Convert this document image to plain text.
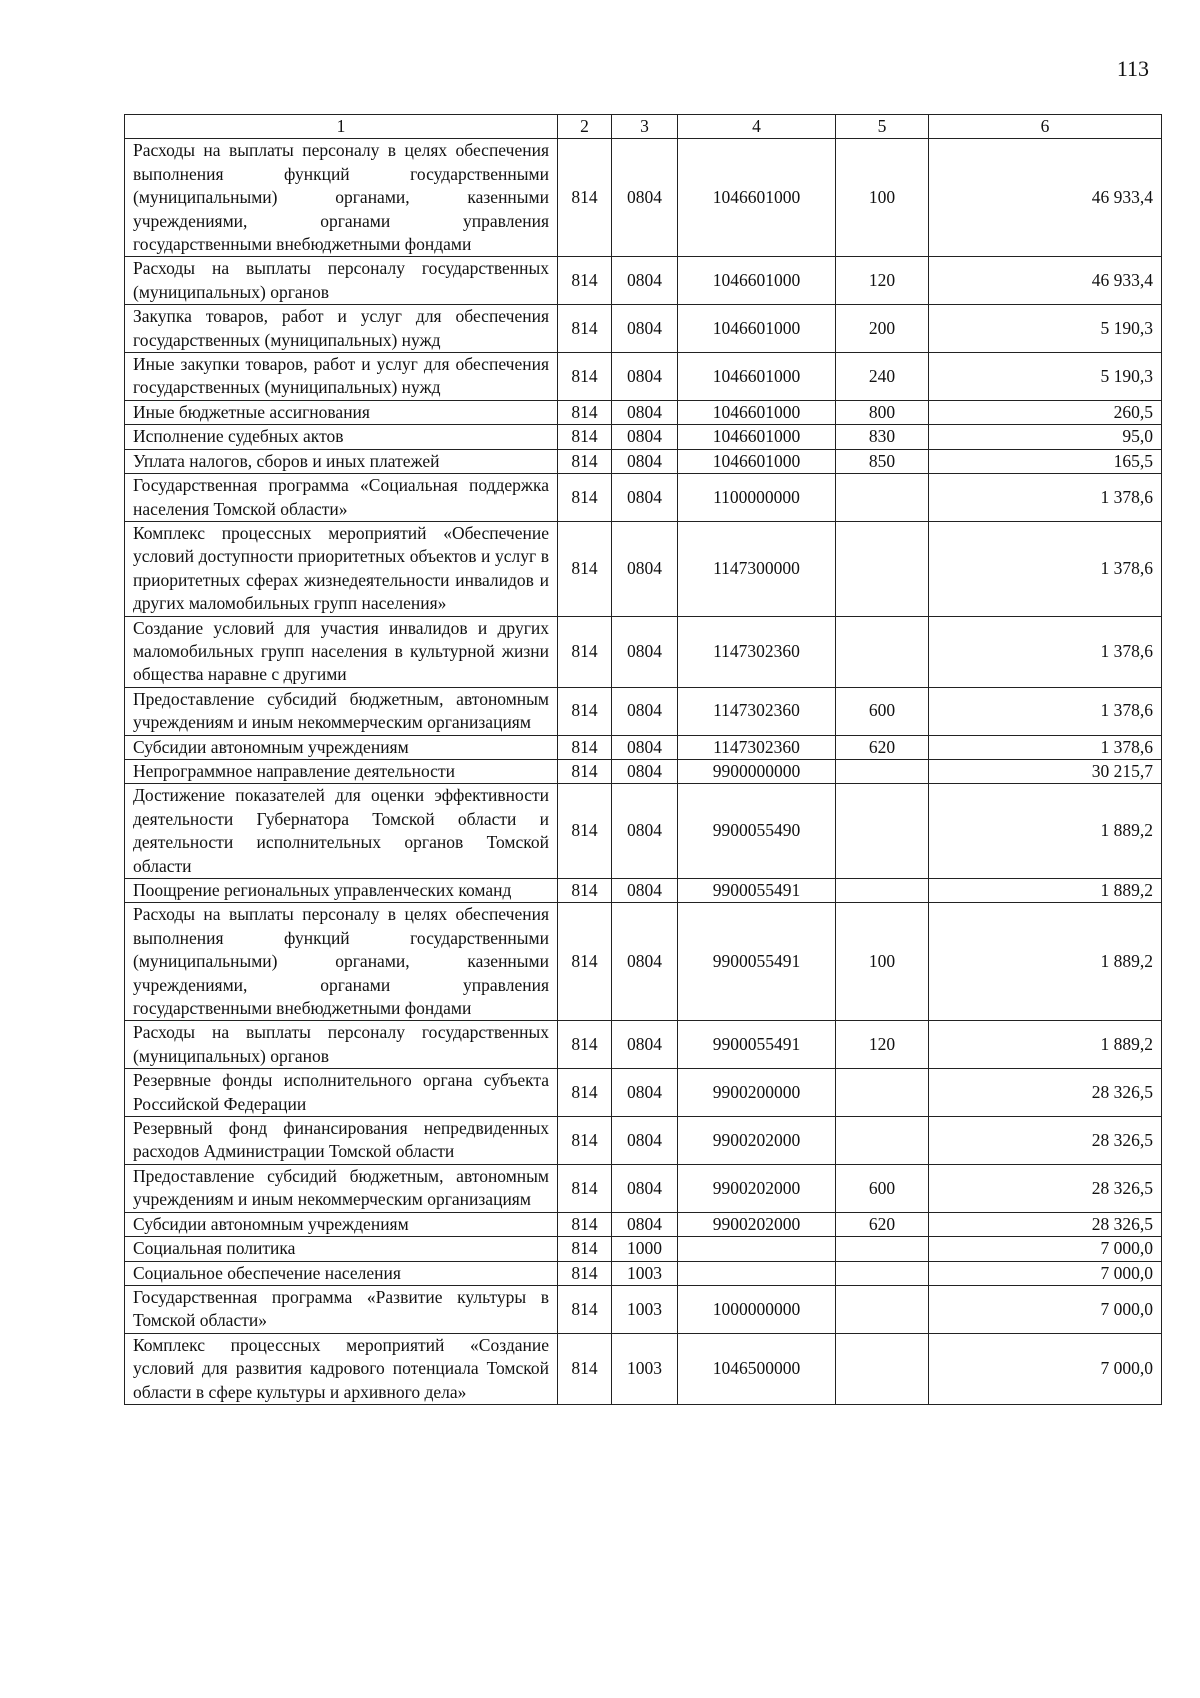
113
1	2	3	4	5	6
Расходы на выплаты персоналу в целях обеспечения выполнения функций государственными (муниципальными) органами, казенными учреждениями, органами управления государственными внебюджетными фондами	814	0804	1046601000	100	46 933,4
Расходы на выплаты персоналу государственных (муниципальных) органов	814	0804	1046601000	120	46 933,4
Закупка товаров, работ и услуг для обеспечения государственных (муниципальных) нужд	814	0804	1046601000	200	5 190,3
Иные закупки товаров, работ и услуг для обеспечения государственных (муниципальных) нужд	814	0804	1046601000	240	5 190,3
Иные бюджетные ассигнования	814	0804	1046601000	800	260,5
Исполнение судебных актов	814	0804	1046601000	830	95,0
Уплата налогов, сборов и иных платежей	814	0804	1046601000	850	165,5
Государственная программа «Социальная поддержка населения Томской области»	814	0804	1100000000		1 378,6
Комплекс процессных мероприятий «Обеспечение условий доступности приоритетных объектов и услуг в приоритетных сферах жизнедеятельности инвалидов и других маломобильных групп населения»	814	0804	1147300000		1 378,6
Создание условий для участия инвалидов и других маломобильных групп населения в культурной жизни общества наравне с другими	814	0804	1147302360		1 378,6
Предоставление субсидий бюджетным, автономным учреждениям и иным некоммерческим организациям	814	0804	1147302360	600	1 378,6
Субсидии автономным учреждениям	814	0804	1147302360	620	1 378,6
Непрограммное направление деятельности	814	0804	9900000000		30 215,7
Достижение показателей для оценки эффективности деятельности Губернатора Томской области и деятельности исполнительных органов Томской области	814	0804	9900055490		1 889,2
Поощрение региональных управленческих команд	814	0804	9900055491		1 889,2
Расходы на выплаты персоналу в целях обеспечения выполнения функций государственными (муниципальными) органами, казенными учреждениями, органами управления государственными внебюджетными фондами	814	0804	9900055491	100	1 889,2
Расходы на выплаты персоналу государственных (муниципальных) органов	814	0804	9900055491	120	1 889,2
Резервные фонды исполнительного органа субъекта Российской Федерации	814	0804	9900200000		28 326,5
Резервный фонд финансирования непредвиденных расходов Администрации Томской области	814	0804	9900202000		28 326,5
Предоставление субсидий бюджетным, автономным учреждениям и иным некоммерческим организациям	814	0804	9900202000	600	28 326,5
Субсидии автономным учреждениям	814	0804	9900202000	620	28 326,5
Социальная политика	814	1000			7 000,0
Социальное обеспечение населения	814	1003			7 000,0
Государственная программа «Развитие культуры в Томской области»	814	1003	1000000000		7 000,0
Комплекс процессных мероприятий «Создание условий для развития кадрового потенциала Томской области в сфере культуры и архивного дела»	814	1003	1046500000		7 000,0
